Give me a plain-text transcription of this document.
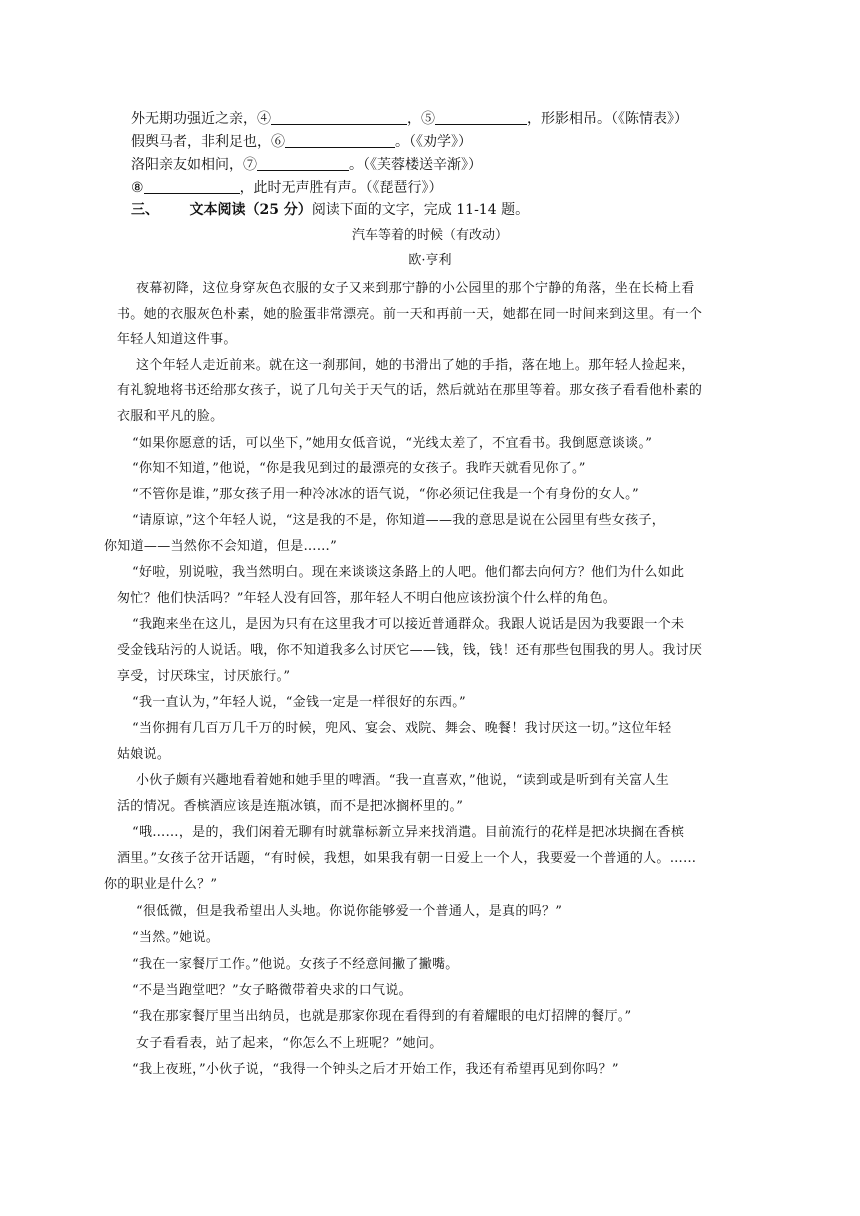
外无期功强近之亲，④	，⑤	，形影相吊。（《陈情表》）
假舆马者，非利足也，⑥	。（《劝学》）
洛阳亲友如相问，⑦	。（《芙蓉楼送辛渐》）
⑧	，此时无声胜有声。（《琵琶行》）
三、 文本阅读（25 分）阅读下面的文字，完成 11-14 题。
汽车等着的时候（有改动）
欧·亨利
夜幕初降，这位身穿灰色衣服的女子又来到那宁静的小公园里的那个宁静的角落，坐在长椅上看
书。她的衣服灰色朴素，她的脸蛋非常漂亮。前一天和再前一天，她都在同一时间来到这里。有一个
年轻人知道这件事。
这个年轻人走近前来。就在这一刹那间，她的书滑出了她的手指，落在地上。那年轻人捡起来，
有礼貌地将书还给那女孩子，说了几句关于天气的话，然后就站在那里等着。那女孩子看看他朴素的
衣服和平凡的脸。
“如果你愿意的话，可以坐下，”她用女低音说，“光线太差了，不宜看书。我倒愿意谈谈。”
“你知不知道，”他说，“你是我见到过的最漂亮的女孩子。我昨天就看见你了。”
“不管你是谁，”那女孩子用一种冷冰冰的语气说，“你必须记住我是一个有身份的女人。”
“请原谅，”这个年轻人说，“这是我的不是，你知道——我的意思是说在公园里有些女孩子，
你知道——当然你不会知道，但是……”
“好啦，别说啦，我当然明白。现在来谈谈这条路上的人吧。他们都去向何方？他们为什么如此
匆忙？他们快活吗？”年轻人没有回答，那年轻人不明白他应该扮演个什么样的角色。
“我跑来坐在这儿，是因为只有在这里我才可以接近普通群众。我跟人说话是因为我要跟一个未
受金钱玷污的人说话。哦，你不知道我多么讨厌它——钱，钱，钱！还有那些包围我的男人。我讨厌
享受，讨厌珠宝，讨厌旅行。”
“我一直认为，”年轻人说，“金钱一定是一样很好的东西。”
“当你拥有几百万几千万的时候，兜风、宴会、戏院、舞会、晚餐！我讨厌这一切。”这位年轻
姑娘说。
小伙子颇有兴趣地看着她和她手里的啤酒。“我一直喜欢，”他说，“读到或是听到有关富人生
活的情况。香槟酒应该是连瓶冰镇，而不是把冰搁杯里的。”
“哦……，是的，我们闲着无聊有时就靠标新立异来找消遣。目前流行的花样是把冰块搁在香槟
酒里。”女孩子岔开话题，“有时候，我想，如果我有朝一日爱上一个人，我要爱一个普通的人。……
你的职业是什么？”
“很低微，但是我希望出人头地。你说你能够爱一个普通人，是真的吗？”
“当然。”她说。
“我在一家餐厅工作。”他说。女孩子不经意间撇了撇嘴。
“不是当跑堂吧？”女子略微带着央求的口气说。
“我在那家餐厅里当出纳员，也就是那家你现在看得到的有着耀眼的电灯招牌的餐厅。”
女子看看表，站了起来，“你怎么不上班呢？”她问。
“我上夜班，”小伙子说，“我得一个钟头之后才开始工作，我还有希望再见到你吗？”
